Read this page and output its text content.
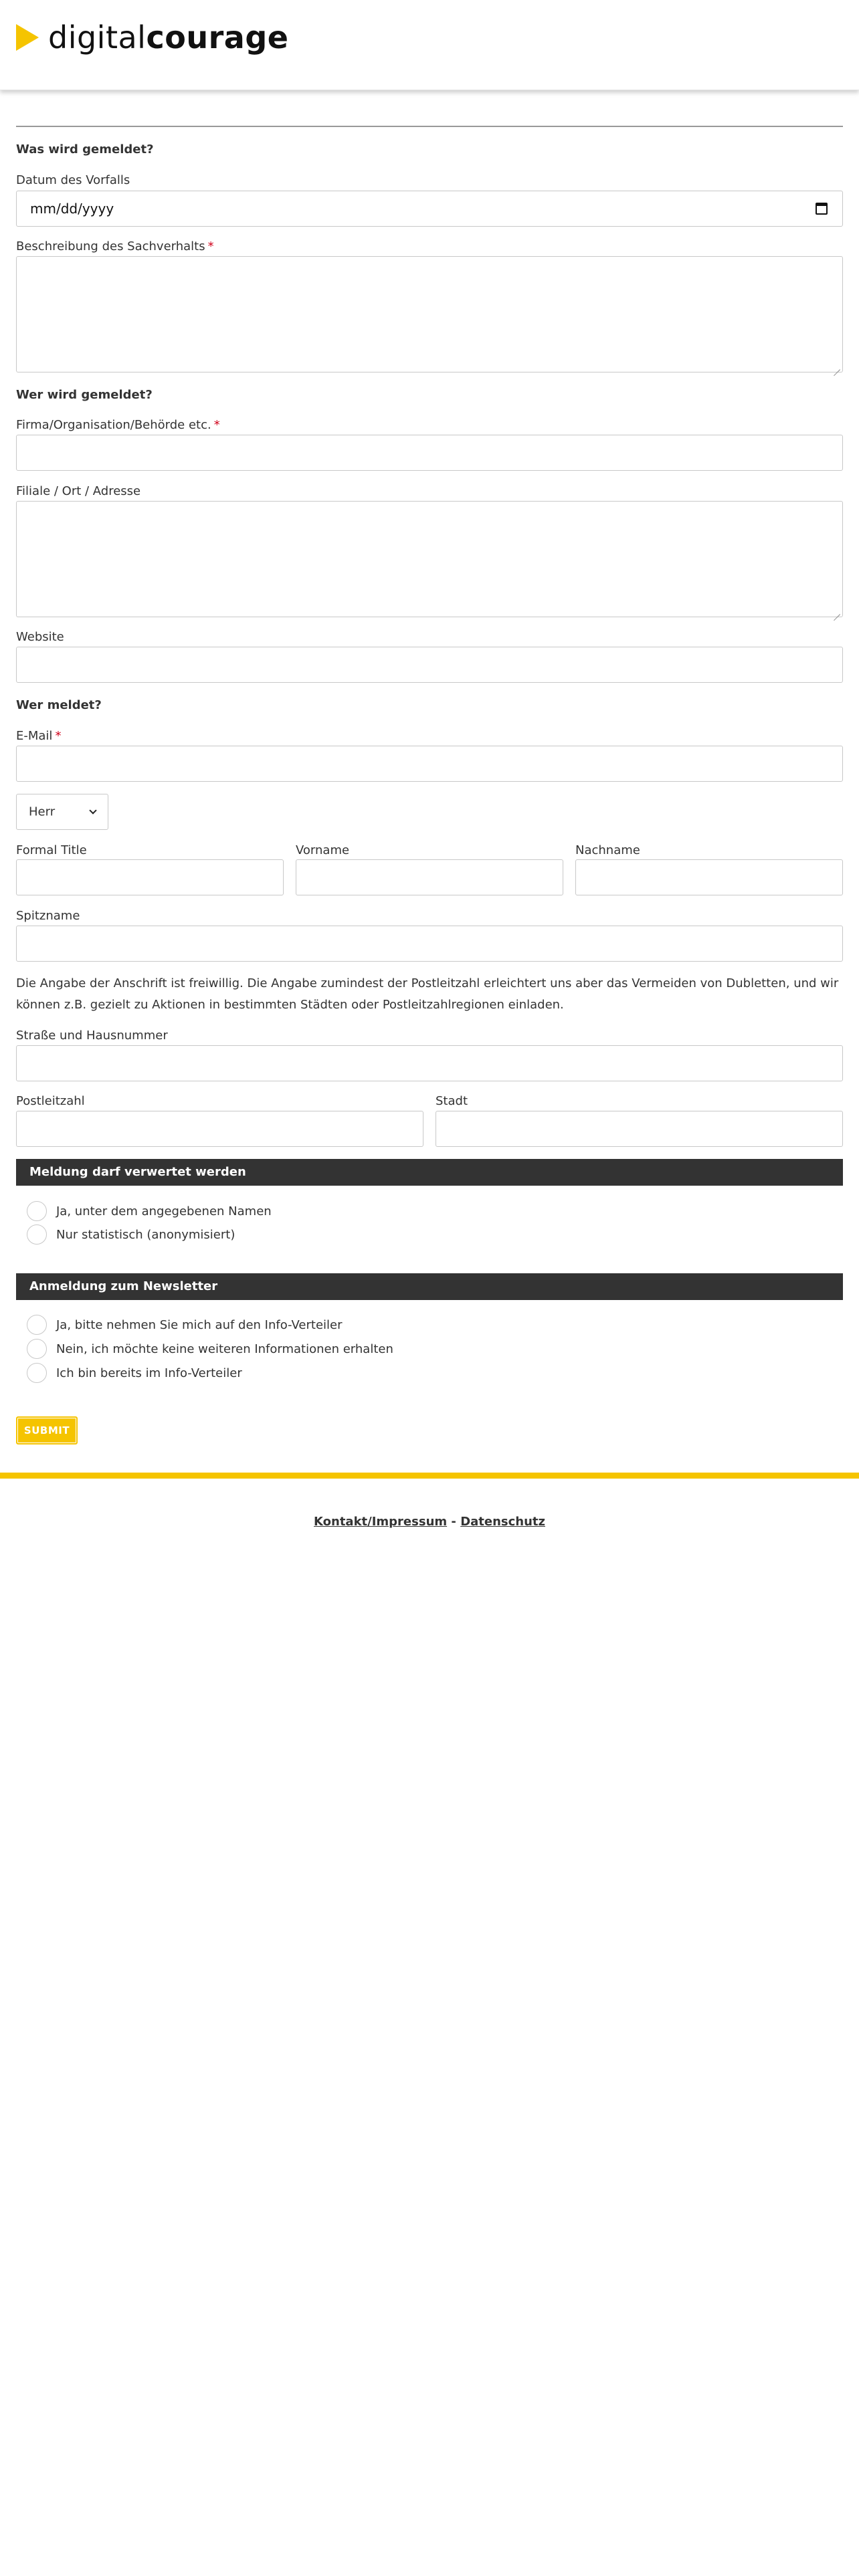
digitalcourage
Was wird gemeldet?
Datum des Vorfalls
mm/dd/yyyy
Beschreibung des Sachverhalts *
Wer wird gemeldet?
Firma/Organisation/Behörde etc. *
Filiale / Ort / Adresse
Website
Wer meldet?
E-Mail *
Herr
Formal Title	Vorname	Nachname
Spitzname
Die Angabe der Anschrift ist freiwillig. Die Angabe zumindest der Postleitzahl erleichtert uns aber das Vermeiden von Dubletten, und wir können z.B. gezielt zu Aktionen in bestimmten Städten oder Postleitzahlregionen einladen.
Straße und Hausnummer
Postleitzahl	Stadt
Meldung darf verwertet werden
Ja, unter dem angegebenen Namen
Nur statistisch (anonymisiert)
Anmeldung zum Newsletter
Ja, bitte nehmen Sie mich auf den Info-Verteiler
Nein, ich möchte keine weiteren Informationen erhalten
Ich bin bereits im Info-Verteiler
SUBMIT
Kontakt/Impressum - Datenschutz
